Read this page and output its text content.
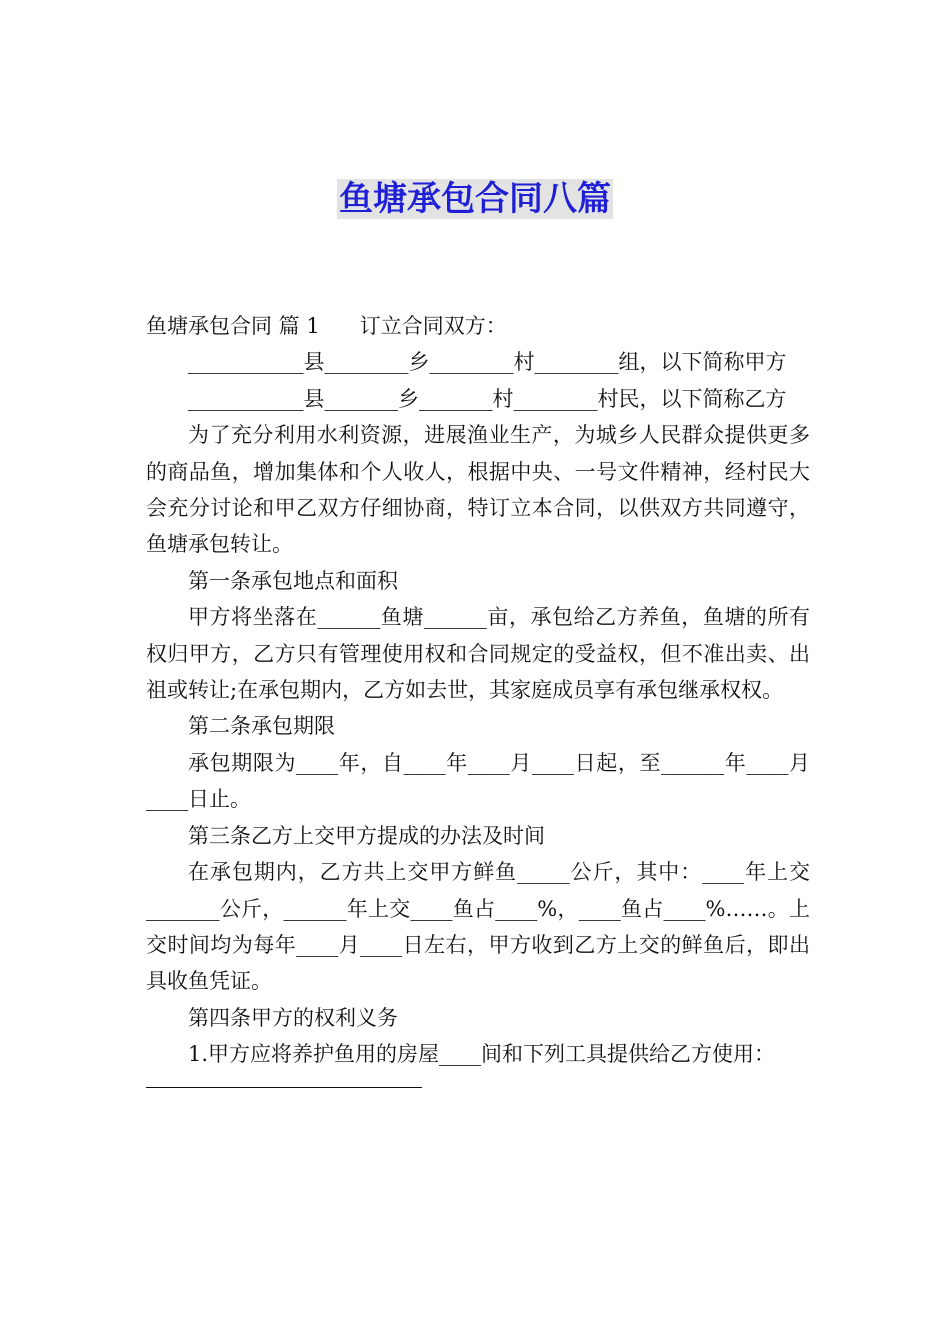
鱼塘承包合同八篇

鱼塘承包合同 篇 1 订立合同双方：

___________县________乡________村________组，以下简称甲方

___________县_______乡_______村________村民，以下简称乙方

为了充分利用水利资源，进展渔业生产，为城乡人民群众提供更多的商品鱼，增加集体和个人收人，根据中央、一号文件精神，经村民大会充分讨论和甲乙双方仔细协商，特订立本合同，以供双方共同遵守，鱼塘承包转让。

第一条承包地点和面积

甲方将坐落在______鱼塘______亩，承包给乙方养鱼，鱼塘的所有权归甲方，乙方只有管理使用权和合同规定的受益权，但不准出卖、出祖或转让;在承包期内，乙方如去世，其家庭成员享有承包继承权权。

第二条承包期限

承包期限为____年，自____年____月____日起，至______年____月____日止。

第三条乙方上交甲方提成的办法及时间

在承包期内，乙方共上交甲方鲜鱼_____公斤，其中：____年上交_______公斤，______年上交____鱼占____%，____鱼占____%……。上交时间均为每年____月____日左右，甲方收到乙方上交的鲜鱼后，即出具收鱼凭证。

第四条甲方的权利义务

1.甲方应将养护鱼用的房屋____间和下列工具提供给乙方使用：
